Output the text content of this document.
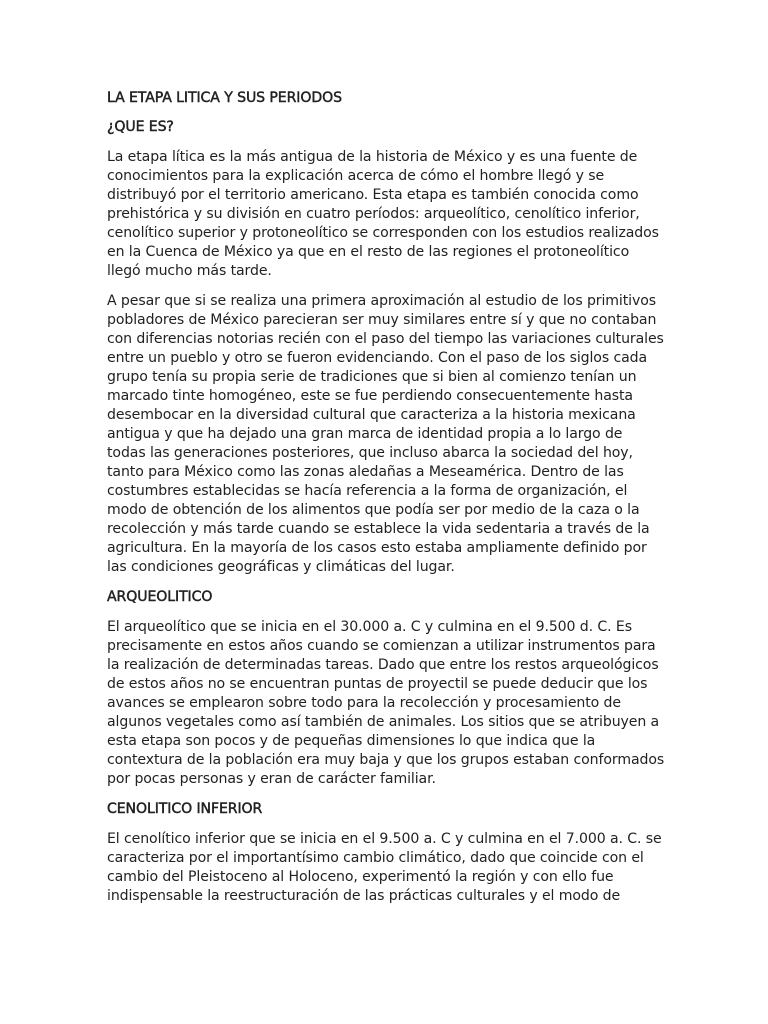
LA ETAPA LITICA Y SUS PERIODOS
¿QUE ES?

La etapa lítica es la más antigua de la historia de México y es una fuente de conocimientos para la explicación acerca de cómo el hombre llegó y se distribuyó por el territorio americano. Esta etapa es también conocida como prehistórica y su división en cuatro períodos: arqueolítico, cenolítico inferior, cenolítico superior y protoneolítico se corresponden con los estudios realizados en la Cuenca de México ya que en el resto de las regiones el protoneolítico llegó mucho más tarde.

A pesar que si se realiza una primera aproximación al estudio de los primitivos pobladores de México parecieran ser muy similares entre sí y que no contaban con diferencias notorias recién con el paso del tiempo las variaciones culturales entre un pueblo y otro se fueron evidenciando. Con el paso de los siglos cada grupo tenía su propia serie de tradiciones que si bien al comienzo tenían un marcado tinte homogéneo, este se fue perdiendo consecuentemente hasta desembocar en la diversidad cultural que caracteriza a la historia mexicana antigua y que ha dejado una gran marca de identidad propia a lo largo de todas las generaciones posteriores, que incluso abarca la sociedad del hoy, tanto para México como las zonas aledañas a Meseamérica. Dentro de las costumbres establecidas se hacía referencia a la forma de organización, el modo de obtención de los alimentos que podía ser por medio de la caza o la recolección y más tarde cuando se establece la vida sedentaria a través de la agricultura. En la mayoría de los casos esto estaba ampliamente definido por las condiciones geográficas y climáticas del lugar.

ARQUEOLITICO

El arqueolítico que se inicia en el 30.000 a. C y culmina en el 9.500 d. C. Es precisamente en estos años cuando se comienzan a utilizar instrumentos para la realización de determinadas tareas. Dado que entre los restos arqueológicos de estos años no se encuentran puntas de proyectil se puede deducir que los avances se emplearon sobre todo para la recolección y procesamiento de algunos vegetales como así también de animales. Los sitios que se atribuyen a esta etapa son pocos y de pequeñas dimensiones lo que indica que la contextura de la población era muy baja y que los grupos estaban conformados por pocas personas y eran de carácter familiar.

CENOLITICO INFERIOR

El cenolítico inferior que se inicia en el 9.500 a. C y culmina en el 7.000 a. C. se caracteriza por el importantísimo cambio climático, dado que coincide con el cambio del Pleistoceno al Holoceno, experimentó la región y con ello fue indispensable la reestructuración de las prácticas culturales y el modo de
